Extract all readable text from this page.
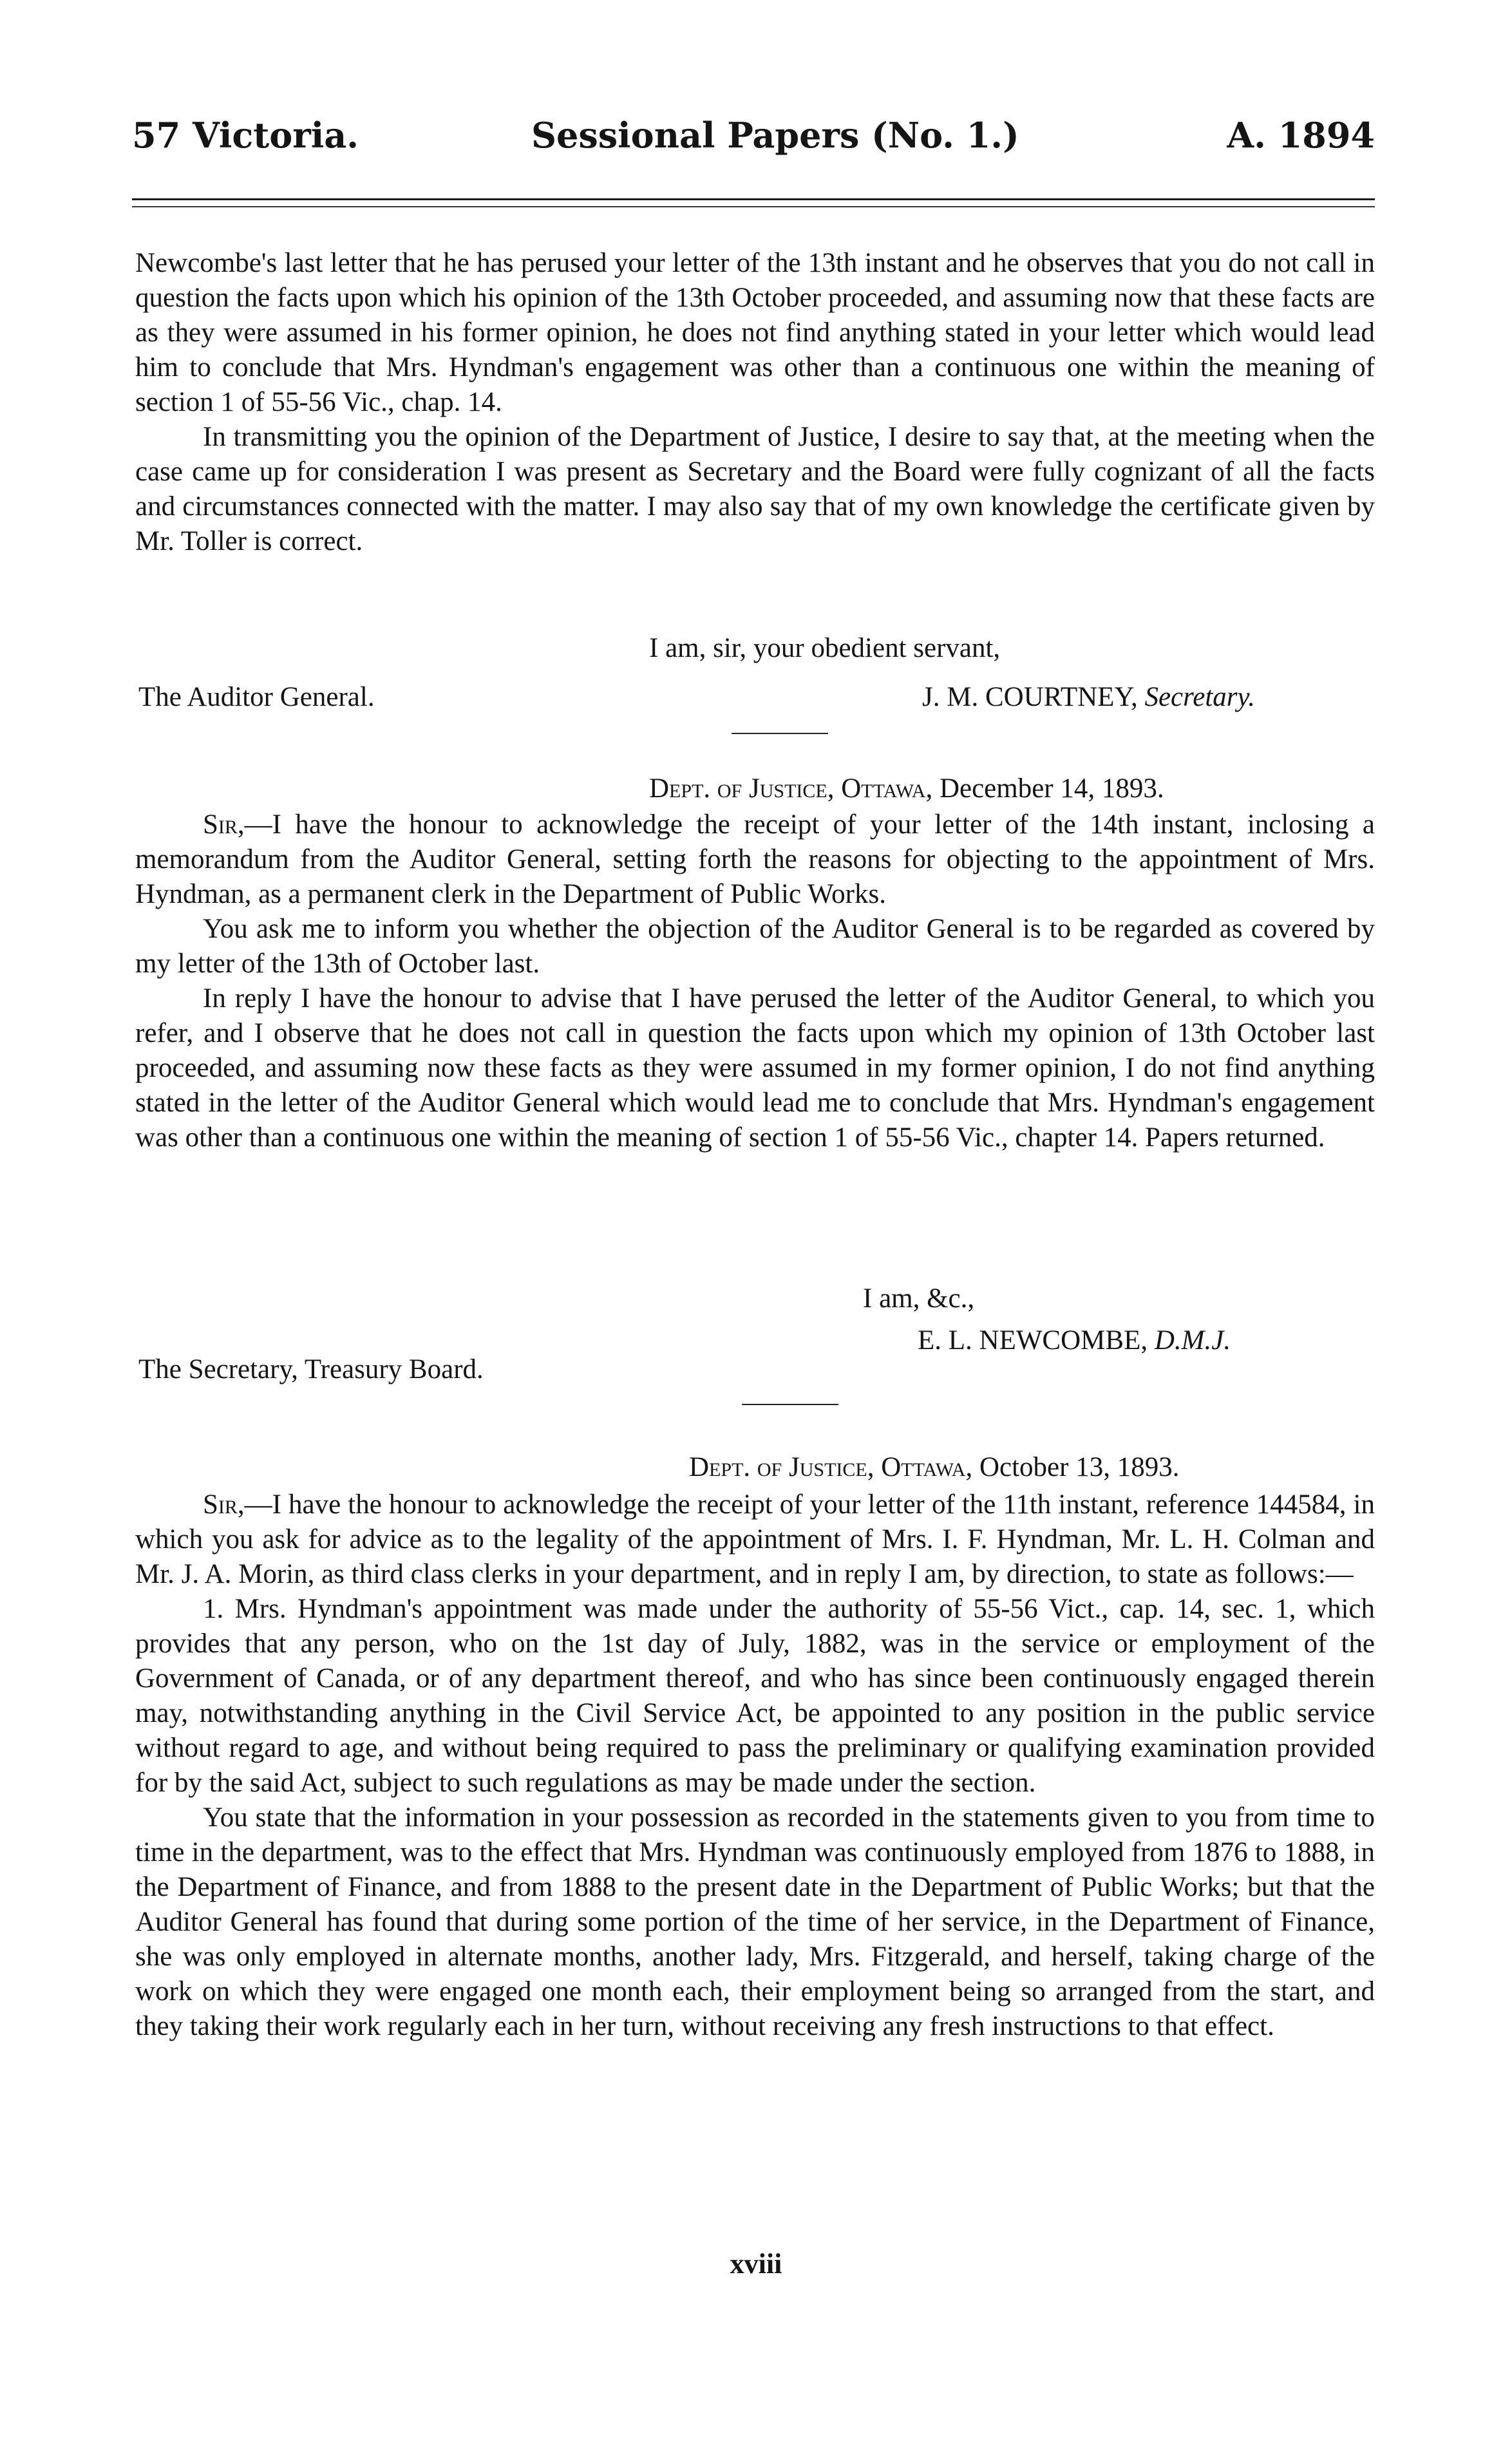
57 Victoria.	Sessional Papers (No. 1.)	A. 1894

Newcombe's last letter that he has perused your letter of the 13th instant and he observes that you do not call in question the facts upon which his opinion of the 13th October proceeded, and assuming now that these facts are as they were assumed in his former opinion, he does not find anything stated in your letter which would lead him to conclude that Mrs. Hyndman's engagement was other than a continuous one within the meaning of section 1 of 55-56 Vic., chap. 14.

In transmitting you the opinion of the Department of Justice, I desire to say that, at the meeting when the case came up for consideration I was present as Secretary and the Board were fully cognizant of all the facts and circumstances connected with the matter. I may also say that of my own knowledge the certificate given by Mr. Toller is correct.

I am, sir, your obedient servant,
The Auditor General.	J. M. COURTNEY, Secretary.
Dept. of Justice, Ottawa, December 14, 1893.

Sir,—I have the honour to acknowledge the receipt of your letter of the 14th instant, inclosing a memorandum from the Auditor General, setting forth the reasons for objecting to the appointment of Mrs. Hyndman, as a permanent clerk in the Department of Public Works.

You ask me to inform you whether the objection of the Auditor General is to be regarded as covered by my letter of the 13th of October last.

In reply I have the honour to advise that I have perused the letter of the Auditor General, to which you refer, and I observe that he does not call in question the facts upon which my opinion of 13th October last proceeded, and assuming now these facts as they were assumed in my former opinion, I do not find anything stated in the letter of the Auditor General which would lead me to conclude that Mrs. Hyndman's engagement was other than a continuous one within the meaning of section 1 of 55-56 Vic., chapter 14. Papers returned.

I am, &c.,
The Secretary, Treasury Board.
E. L. NEWCOMBE, D.M.J.
Dept. of Justice, Ottawa, October 13, 1893.

Sir,—I have the honour to acknowledge the receipt of your letter of the 11th instant, reference 144584, in which you ask for advice as to the legality of the appointment of Mrs. I. F. Hyndman, Mr. L. H. Colman and Mr. J. A. Morin, as third class clerks in your department, and in reply I am, by direction, to state as follows:—

1. Mrs. Hyndman's appointment was made under the authority of 55-56 Vict., cap. 14, sec. 1, which provides that any person, who on the 1st day of July, 1882, was in the service or employment of the Government of Canada, or of any department thereof, and who has since been continuously engaged therein may, notwithstanding anything in the Civil Service Act, be appointed to any position in the public service without regard to age, and without being required to pass the preliminary or qualifying examination provided for by the said Act, subject to such regulations as may be made under the section.

You state that the information in your possession as recorded in the statements given to you from time to time in the department, was to the effect that Mrs. Hyndman was continuously employed from 1876 to 1888, in the Department of Finance, and from 1888 to the present date in the Department of Public Works; but that the Auditor General has found that during some portion of the time of her service, in the Department of Finance, she was only employed in alternate months, another lady, Mrs. Fitzgerald, and herself, taking charge of the work on which they were engaged one month each, their employment being so arranged from the start, and they taking their work regularly each in her turn, without receiving any fresh instructions to that effect.

xviii
